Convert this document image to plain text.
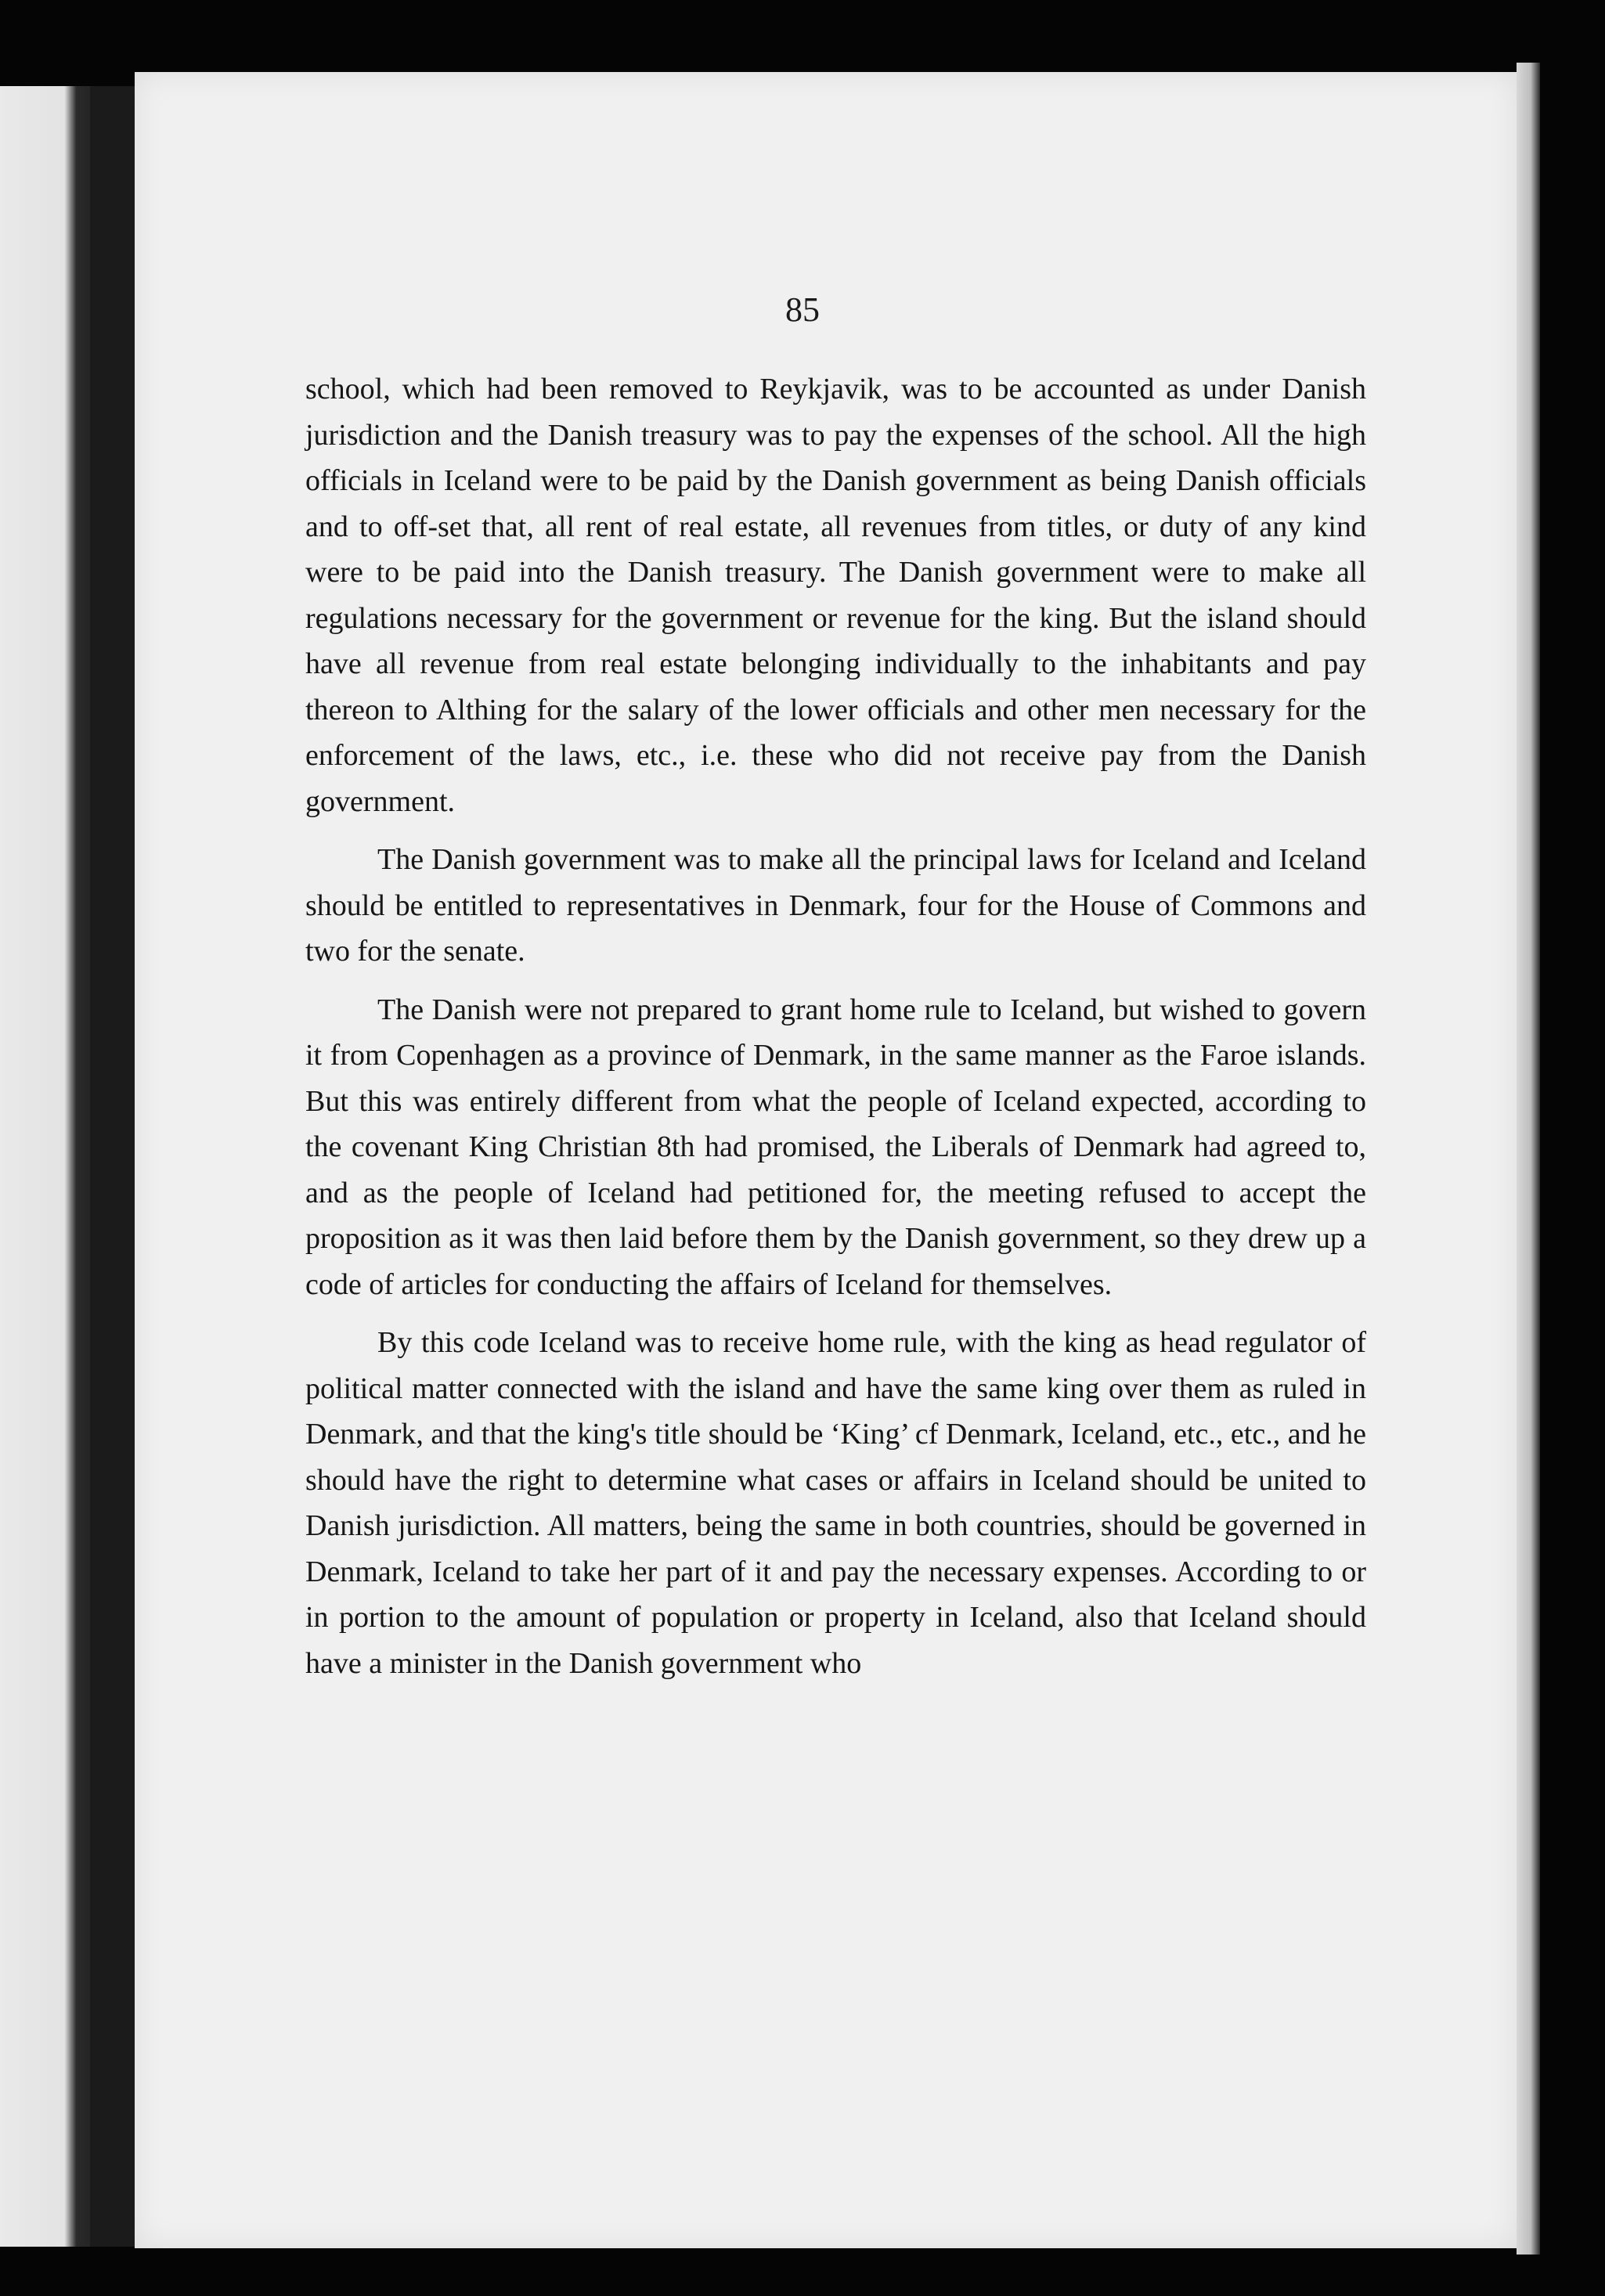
85

school, which had been removed to Reykjavik, was to be accounted as under Danish jurisdiction and the Danish treasury was to pay the expenses of the school. All the high officials in Iceland were to be paid by the Danish government as being Danish officials and to off-set that, all rent of real estate, all revenues from titles, or duty of any kind were to be paid into the Danish treasury. The Danish government were to make all regulations necessary for the government or revenue for the king. But the island should have all revenue from real estate belonging individually to the inhabitants and pay thereon to Althing for the salary of the lower officials and other men necessary for the enforcement of the laws, etc., i.e. these who did not receive pay from the Danish government.

The Danish government was to make all the principal laws for Iceland and Iceland should be entitled to representatives in Denmark, four for the House of Commons and two for the senate.

The Danish were not prepared to grant home rule to Iceland, but wished to govern it from Copenhagen as a province of Denmark, in the same manner as the Faroe islands. But this was entirely different from what the people of Iceland expected, according to the covenant King Christian 8th had promised, the Liberals of Denmark had agreed to, and as the people of Iceland had petitioned for, the meeting refused to accept the proposition as it was then laid before them by the Danish government, so they drew up a code of articles for conducting the affairs of Iceland for themselves.

By this code Iceland was to receive home rule, with the king as head regulator of political matter connected with the island and have the same king over them as ruled in Denmark, and that the king's title should be ‘King’ cf Denmark, Iceland, etc., etc., and he should have the right to determine what cases or affairs in Iceland should be united to Danish jurisdiction. All matters, being the same in both countries, should be governed in Denmark, Iceland to take her part of it and pay the necessary expenses. According to or in portion to the amount of population or property in Iceland, also that Iceland should have a minister in the Danish government who
